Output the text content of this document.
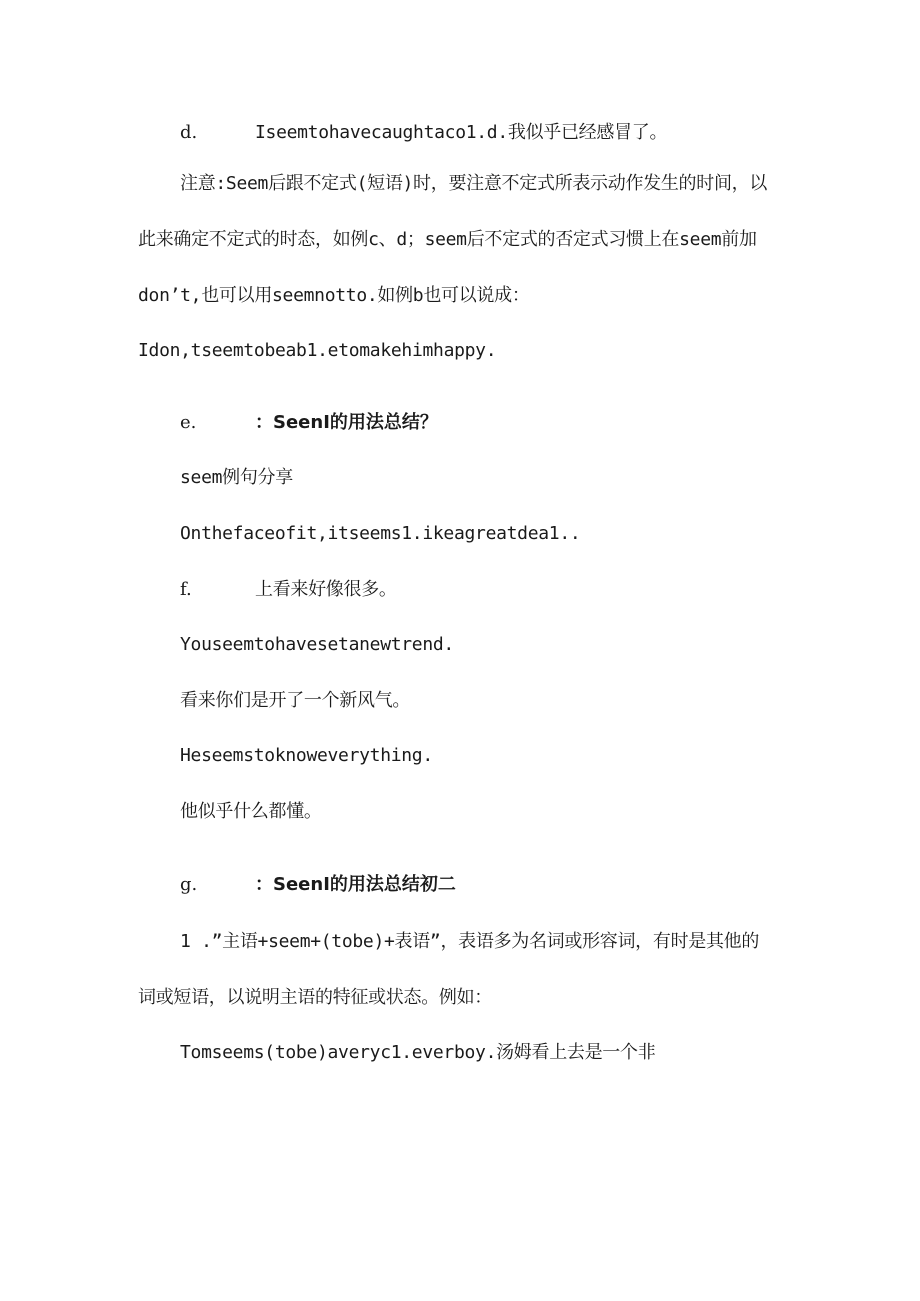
d.	Iseemtohavecaughtaco1.d.我似乎已经感冒了。
注意:Seem后跟不定式(短语)时，要注意不定式所表示动作发生的时间，以
此来确定不定式的时态，如例c、d；seem后不定式的否定式习惯上在seem前加
don’t,也可以用seemnotto.如例b也可以说成：
Idon,tseemtobeab1.etomakehimhappy.
e.	：SeenI的用法总结？
seem例句分享
Onthefaceofit,itseems1.ikeagreatdea1..
f.	上看来好像很多。
Youseemtohavesetanewtrend.
看来你们是开了一个新风气。
Heseemstoknoweverything.
他似乎什么都懂。
g.	：SeenI的用法总结初二
1 .”主语+seem+(tobe)+表语”，表语多为名词或形容词，有时是其他的
词或短语，以说明主语的特征或状态。例如：
Tomseems(tobe)averyc1.everboy.汤姆看上去是一个非
